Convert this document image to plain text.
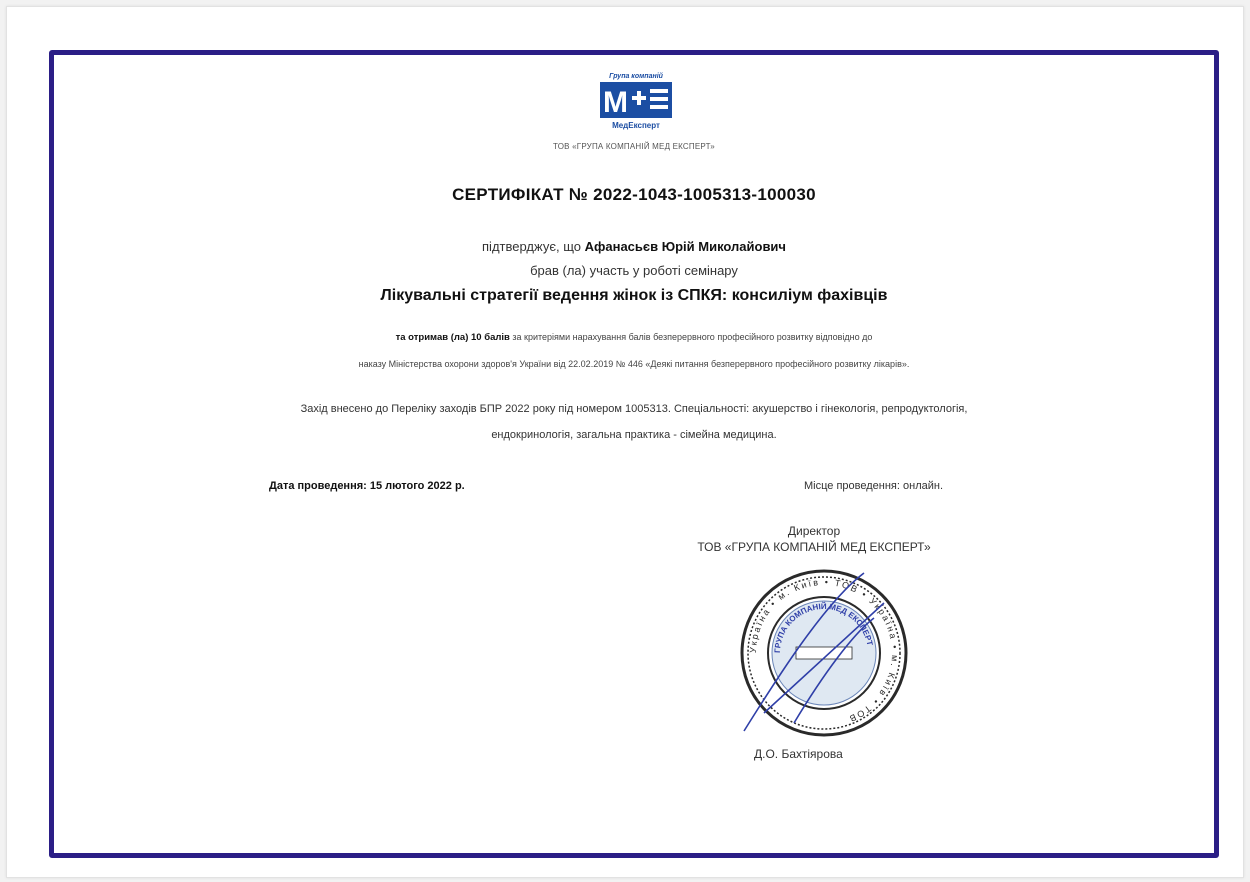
Група компаній
M
МедЕксперт
ТОВ «ГРУПА КОМПАНІЙ МЕД ЕКСПЕРТ»
СЕРТИФІКАТ № 2022-1043-1005313-100030
підтверджує, що Афанасьєв Юрій Миколайович
брав (ла) участь у роботі семінару
Лікувальні стратегії ведення жінок із СПКЯ: консиліум фахівців
та отримав (ла) 10 балів за критеріями нарахування балів безперервного професійного розвитку відповідно до
наказу Міністерства охорони здоров'я України від 22.02.2019 № 446 «Деякі питання безперервного професійного розвитку лікарів».
Захід внесено до Переліку заходів БПР 2022 року під номером 1005313. Спеціальності: акушерство і гінекологія, репродуктологія,
ендокринологія, загальна практика - сімейна медицина.
Дата проведення: 15 лютого 2022 р.	Місце проведення: онлайн.
Директор
ТОВ «ГРУПА КОМПАНІЙ МЕД ЕКСПЕРТ»
Україна • м. Київ • ТОВ • Україна • м. Київ • ТОВ
ГРУПА КОМПАНІЙ МЕД ЕКСПЕРТ
Д.О. Бахтіярова
